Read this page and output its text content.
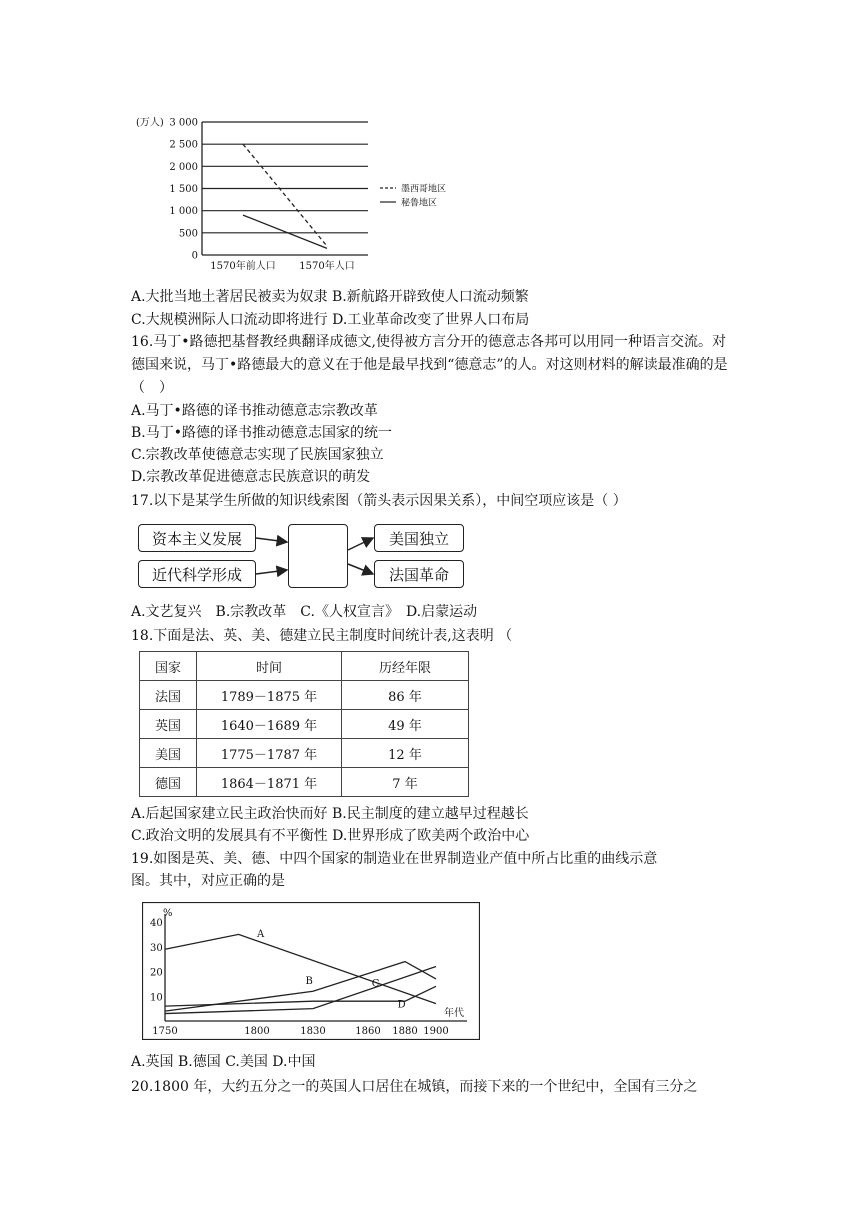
3 000
2 500
2 000
1 500
1 000
500
0
(万人)
1570年前人口 1570年人口
墨西哥地区
秘鲁地区
A.大批当地土著居民被卖为奴隶 B.新航路开辟致使人口流动频繁
C.大规模洲际人口流动即将进行 D.工业革命改变了世界人口布局
16.马丁•路德把基督教经典翻译成德文,使得被方言分开的德意志各邦可以用同一种语言交流。对德国来说，马丁•路德最大的意义在于他是最早找到“德意志”的人。对这则材料的解读最准确的是　（　）
A.马丁•路德的译书推动德意志宗教改革
B.马丁•路德的译书推动德意志国家的统一
C.宗教改革使德意志实现了民族国家独立
D.宗教改革促进德意志民族意识的萌发
17.以下是某学生所做的知识线索图（箭头表示因果关系），中间空项应该是（ ）
资本主义发展
近代科学形成
美国独立
法国革命
A.文艺复兴　B.宗教改革　C.《人权宣言》　D.启蒙运动
18.下面是法、英、美、德建立民主制度时间统计表,这表明 （
国家	时间	历经年限
法国	1789－1875 年	86 年
英国	1640－1689 年	49 年
美国	1775－1787 年	12 年
德国	1864－1871 年	7 年
A.后起国家建立民主政治快而好 B.民主制度的建立越早过程越长
C.政治文明的发展具有不平衡性 D.世界形成了欧美两个政治中心
19.如图是英、美、德、中四个国家的制造业在世界制造业产值中所占比重的曲线示意
图。其中，对应正确的是
%
40
30
20
10
1750	1800	1830	1860 1880 1900
年代
A
B	C
D
A.英国 B.德国 C.美国 D.中国
20.1800 年，大约五分之一的英国人口居住在城镇，而接下来的一个世纪中，全国有三分之
